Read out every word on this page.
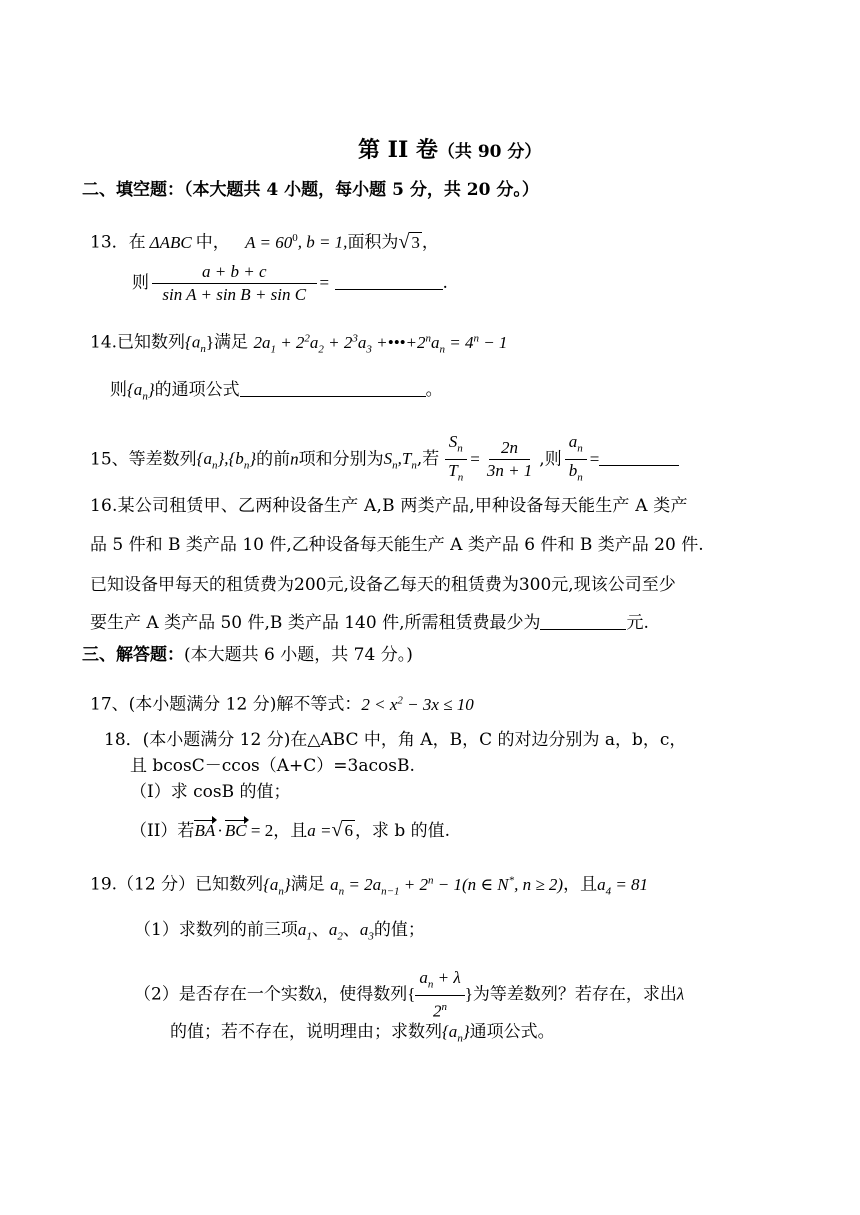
第 II 卷（共 90 分）
二、填空题：（本大题共 4 小题，每小题 5 分，共 20 分。）
13．在 ΔABC 中， $A = 60^0$, b = 1,面积为√ 3 ，
则 $\frac{a + b + c}{\text{sin A + sin B + sin C}}$ =	.
14.已知数列$\{a_n\}$满足 $2a_1 + 2^2a_2 + 2^3a_3$ $+•••+2^na_n = 4^n - 1$
则$\{a_n\}$的通项公式	。
15、等差数列$\{a_n\},\{b_n\}$的前n项和分别为$S_n,T_n$,若 $\frac{S_n}{T_n} = \frac{2n}{3n + 1}$ ,则 $\frac{a_n}{b_n}$ =
16.某公司租赁甲、乙两种设备生产 A,B 两类产品,甲种设备每天能生产 A 类产
品 5 件和 B 类产品 10 件,乙种设备每天能生产 A 类产品 6 件和 B 类产品 20 件.
已知设备甲每天的租赁费为200元,设备乙每天的租赁费为300元,现该公司至少
要生产 A 类产品 50 件,B 类产品 140 件,所需租赁费最少为	元.
三、解答题：(本大题共 6 小题，共 74 分。)
17、(本小题满分 12 分)解不等式：$2 < x^2 - 3x \le 10$
18．(本小题满分 12 分)在△ABC 中，角 A，B，C 的对边分别为 a，b，c，
且 bcosC－ccos（A+C）=3acosB.
（I）求 cosB 的值；
（II）若BA · BC = 2，且a =√ 6 ，求 b 的值.
19.（12 分）已知数列$\{a_n\}$满足 $a_n = 2a_{n-1} + 2^n - 1(n$ ∈ N*, n ≥ 2)，且$a_4 = 81$
（1）求数列的前三项$a_1$、$a_2$、$a_3$的值；
（2）是否存在一个实数λ，使得数列{ $\frac{a_n + \lambda}{2^n}$ }为等差数列？若存在，求出λ
的值；若不存在，说明理由；求数列$\{a_n\}$通项公式。
